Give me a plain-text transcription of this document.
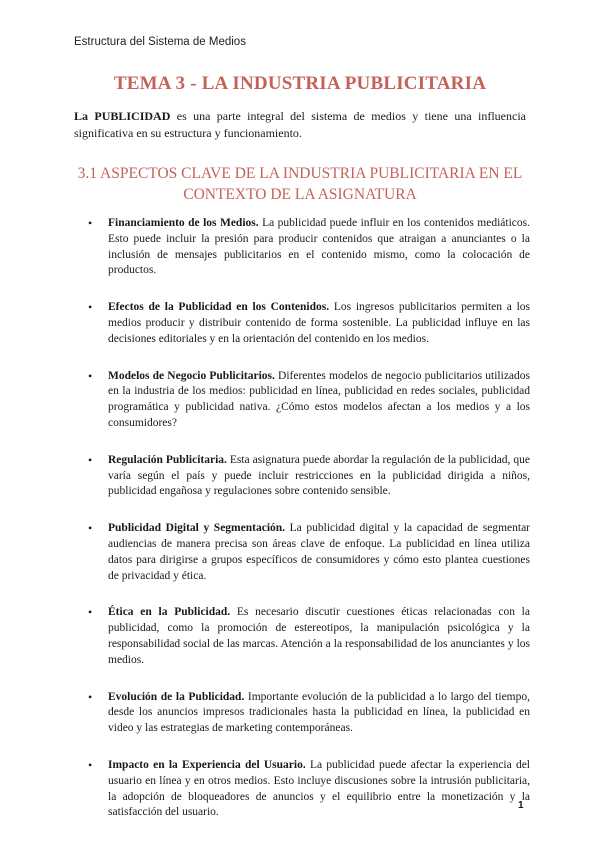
Estructura del Sistema de Medios
TEMA 3 - LA INDUSTRIA PUBLICITARIA

La PUBLICIDAD es una parte integral del sistema de medios y tiene una influencia significativa en su estructura y funcionamiento.

3.1 ASPECTOS CLAVE DE LA INDUSTRIA PUBLICITARIA EN EL CONTEXTO DE LA ASIGNATURA
• Financiamiento de los Medios. La publicidad puede influir en los contenidos mediáticos. Esto puede incluir la presión para producir contenidos que atraigan a anunciantes o la inclusión de mensajes publicitarios en el contenido mismo, como la colocación de productos.
• Efectos de la Publicidad en los Contenidos. Los ingresos publicitarios permiten a los medios producir y distribuir contenido de forma sostenible. La publicidad influye en las decisiones editoriales y en la orientación del contenido en los medios.
• Modelos de Negocio Publicitarios. Diferentes modelos de negocio publicitarios utilizados en la industria de los medios: publicidad en línea, publicidad en redes sociales, publicidad programática y publicidad nativa. ¿Cómo estos modelos afectan a los medios y a los consumidores?
• Regulación Publicitaria. Esta asignatura puede abordar la regulación de la publicidad, que varía según el país y puede incluir restricciones en la publicidad dirigida a niños, publicidad engañosa y regulaciones sobre contenido sensible.
• Publicidad Digital y Segmentación. La publicidad digital y la capacidad de segmentar audiencias de manera precisa son áreas clave de enfoque. La publicidad en línea utiliza datos para dirigirse a grupos específicos de consumidores y cómo esto plantea cuestiones de privacidad y ética.
• Ética en la Publicidad. Es necesario discutir cuestiones éticas relacionadas con la publicidad, como la promoción de estereotipos, la manipulación psicológica y la responsabilidad social de las marcas. Atención a la responsabilidad de los anunciantes y los medios.
• Evolución de la Publicidad. Importante evolución de la publicidad a lo largo del tiempo, desde los anuncios impresos tradicionales hasta la publicidad en línea, la publicidad en video y las estrategias de marketing contemporáneas.
• Impacto en la Experiencia del Usuario. La publicidad puede afectar la experiencia del usuario en línea y en otros medios. Esto incluye discusiones sobre la intrusión publicitaria, la adopción de bloqueadores de anuncios y el equilibrio entre la monetización y la satisfacción del usuario.
1
